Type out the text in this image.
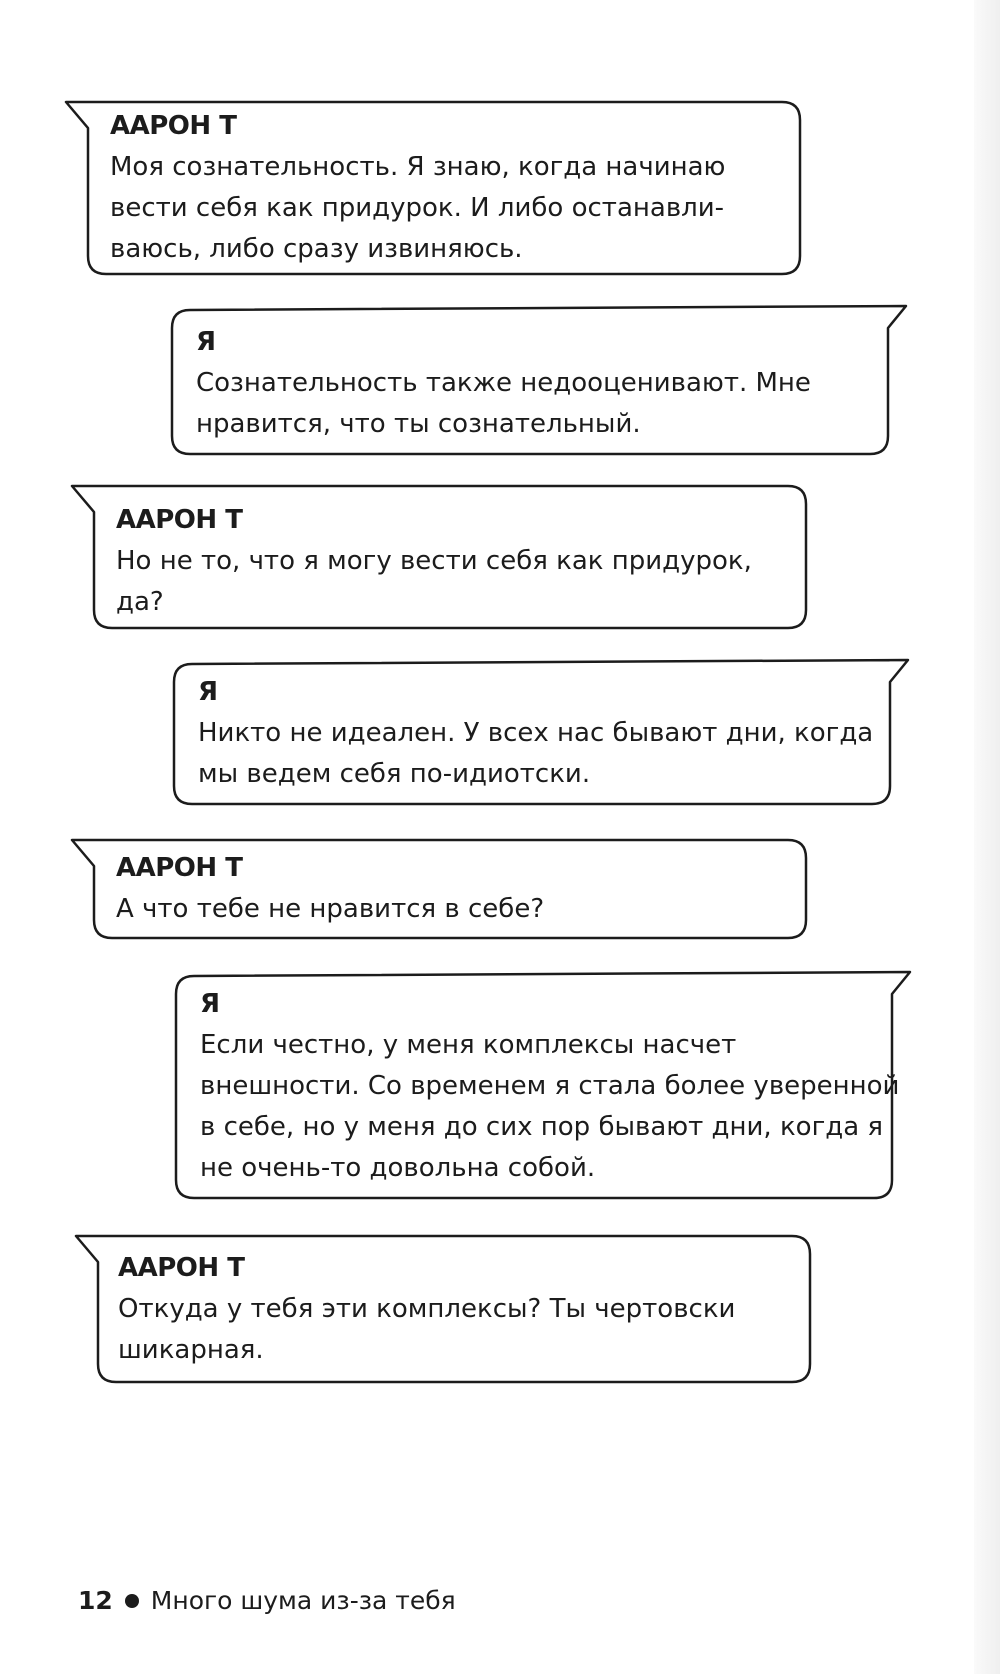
ААРОН Т
Моя сознательность. Я знаю, когда начинаю вести себя как придурок. И либо останавли-ваюсь, либо сразу извиняюсь.
Я
Сознательность также недооценивают. Мне нравится, что ты сознательный.
ААРОН Т
Но не то, что я могу вести себя как придурок, да?
Я
Никто не идеален. У всех нас бывают дни, когда мы ведем себя по-идиотски.
ААРОН Т
А что тебе не нравится в себе?
Я
Если честно, у меня комплексы насчет внешности. Со временем я стала более уверенной в себе, но у меня до сих пор бывают дни, когда я не очень-то довольна собой.
ААРОН Т
Откуда у тебя эти комплексы? Ты чертовски шикарная.
12 Много шума из-за тебя
